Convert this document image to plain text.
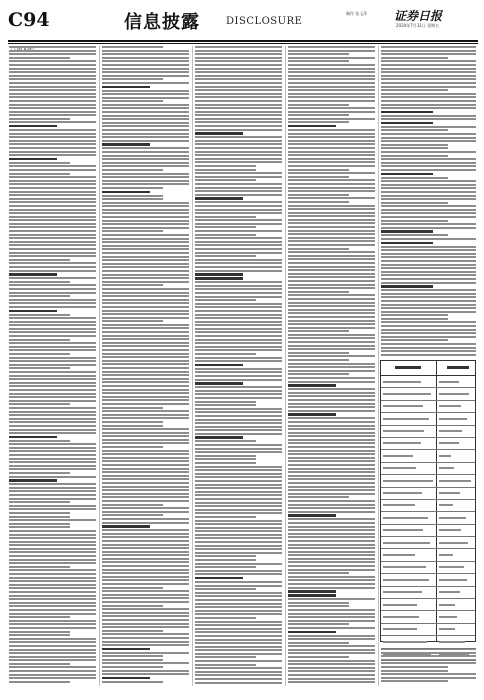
C94	信息披露	DISCLOSURE
制作 张玉萍 证券日报
2020年7月31日 星期五
